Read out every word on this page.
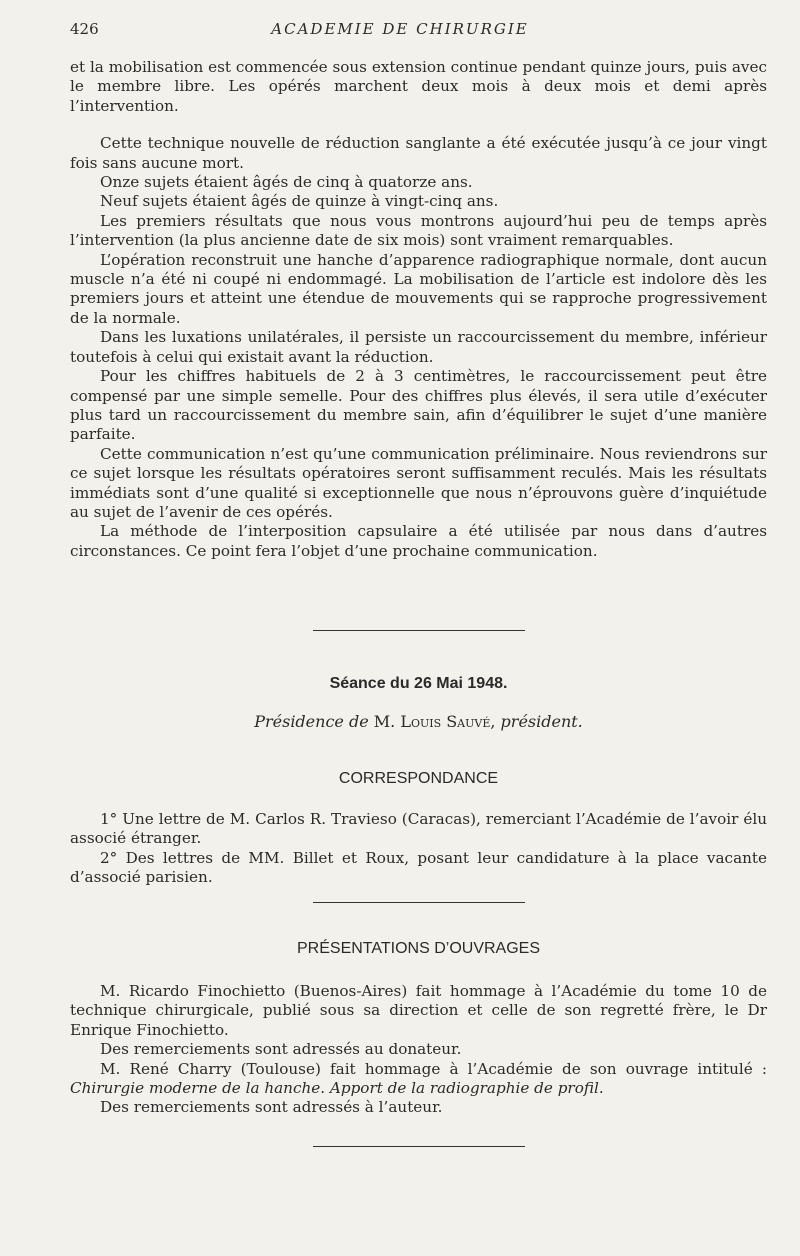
426	ACADEMIE DE CHIRURGIE

et la mobilisation est commencée sous extension continue pendant quinze jours, puis avec le membre libre. Les opérés marchent deux mois à deux mois et demi après l’intervention.

Cette technique nouvelle de réduction sanglante a été exécutée jusqu’à ce jour vingt fois sans aucune mort.

Onze sujets étaient âgés de cinq à quatorze ans.

Neuf sujets étaient âgés de quinze à vingt-cinq ans.

Les premiers résultats que nous vous montrons aujourd’hui peu de temps après l’intervention (la plus ancienne date de six mois) sont vraiment remarquables.

L’opération reconstruit une hanche d’apparence radiographique normale, dont aucun muscle n’a été ni coupé ni endommagé. La mobilisation de l’article est indolore dès les premiers jours et atteint une étendue de mouvements qui se rapproche progressivement de la normale.

Dans les luxations unilatérales, il persiste un raccourcissement du membre, inférieur toutefois à celui qui existait avant la réduction.

Pour les chiffres habituels de 2 à 3 centimètres, le raccourcissement peut être compensé par une simple semelle. Pour des chiffres plus élevés, il sera utile d’exécuter plus tard un raccourcissement du membre sain, afin d’équilibrer le sujet d’une manière parfaite.

Cette communication n’est qu’une communication préliminaire. Nous reviendrons sur ce sujet lorsque les résultats opératoires seront suffisamment reculés. Mais les résultats immédiats sont d’une qualité si exceptionnelle que nous n’éprouvons guère d’inquiétude au sujet de l’avenir de ces opérés.

La méthode de l’interposition capsulaire a été utilisée par nous dans d’autres circonstances. Ce point fera l’objet d’une prochaine communication.

Séance du 26 Mai 1948.
Présidence de M. Louis Sauvé, président.
CORRESPONDANCE

1° Une lettre de M. Carlos R. Travieso (Caracas), remerciant l’Académie de l’avoir élu associé étranger.

2° Des lettres de MM. Billet et Roux, posant leur candidature à la place vacante d’associé parisien.

PRÉSENTATIONS D’OUVRAGES

M. Ricardo Finochietto (Buenos-Aires) fait hommage à l’Académie du tome 10 de technique chirurgicale, publié sous sa direction et celle de son regretté frère, le Dr Enrique Finochietto.

Des remerciements sont adressés au donateur.

M. René Charry (Toulouse) fait hommage à l’Académie de son ouvrage intitulé : Chirurgie moderne de la hanche. Apport de la radiographie de profil.

Des remerciements sont adressés à l’auteur.
